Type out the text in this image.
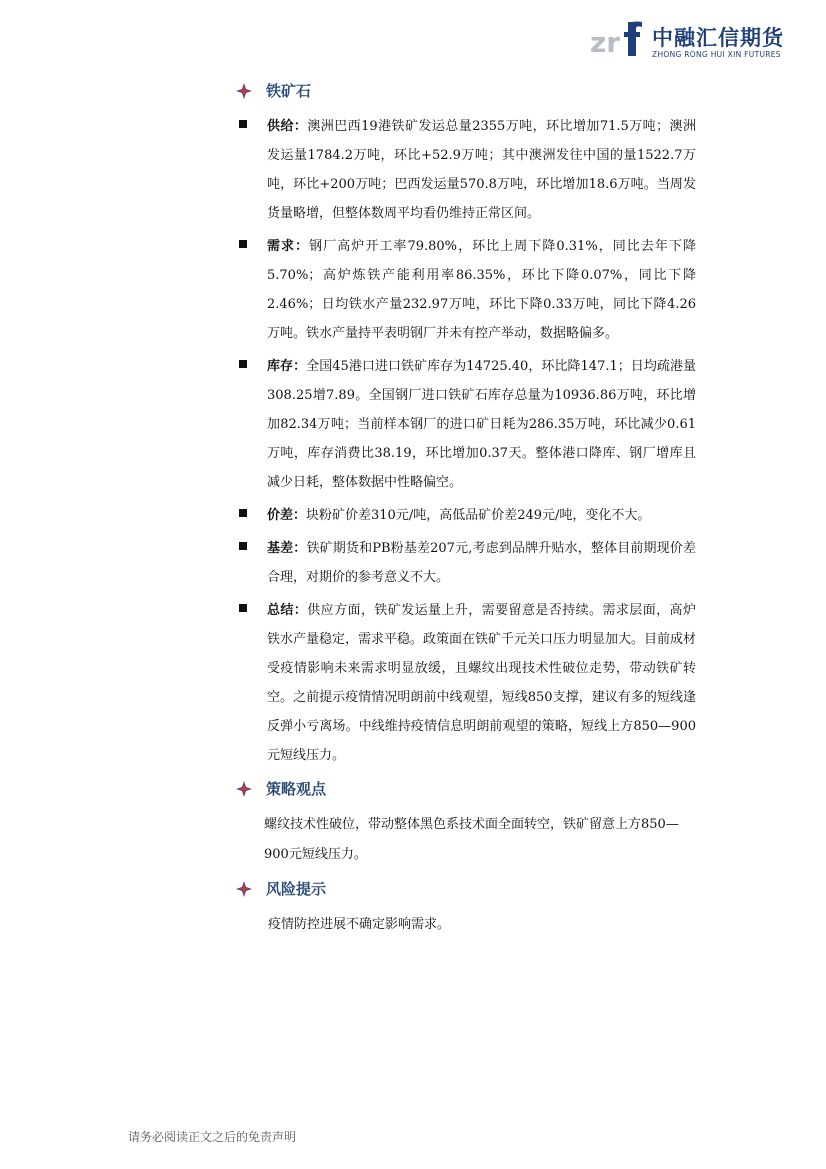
zr 中融汇信期货
ZHONG RONG HUI XIN FUTURES
铁矿石

供给：澳洲巴西19港铁矿发运总量2355万吨，环比增加71.5万吨；澳洲发运量1784.2万吨，环比+52.9万吨；其中澳洲发往中国的量1522.7万吨，环比+200万吨；巴西发运量570.8万吨，环比增加18.6万吨。当周发货量略增，但整体数周平均看仍维持正常区间。

需求：钢厂高炉开工率79.80%，环比上周下降0.31%，同比去年下降5.70%；高炉炼铁产能利用率86.35%，环比下降0.07%，同比下降2.46%；日均铁水产量232.97万吨，环比下降0.33万吨，同比下降4.26万吨。铁水产量持平表明钢厂并未有控产举动，数据略偏多。

库存：全国45港口进口铁矿库存为14725.40，环比降147.1；日均疏港量308.25增7.89。全国钢厂进口铁矿石库存总量为10936.86万吨，环比增加82.34万吨；当前样本钢厂的进口矿日耗为286.35万吨，环比减少0.61万吨，库存消费比38.19，环比增加0.37天。整体港口降库、钢厂增库且减少日耗，整体数据中性略偏空。

价差：块粉矿价差310元/吨，高低品矿价差249元/吨，变化不大。

基差：铁矿期货和PB粉基差207元,考虑到品牌升贴水，整体目前期现价差合理，对期价的参考意义不大。

总结：供应方面，铁矿发运量上升，需要留意是否持续。需求层面，高炉铁水产量稳定，需求平稳。政策面在铁矿千元关口压力明显加大。目前成材受疫情影响未来需求明显放缓，且螺纹出现技术性破位走势，带动铁矿转空。之前提示疫情情况明朗前中线观望，短线850支撑，建议有多的短线逢反弹小亏离场。中线维持疫情信息明朗前观望的策略，短线上方850—900元短线压力。

策略观点

螺纹技术性破位，带动整体黑色系技术面全面转空，铁矿留意上方850—900元短线压力。

风险提示

疫情防控进展不确定影响需求。

请务必阅读正文之后的免责声明
